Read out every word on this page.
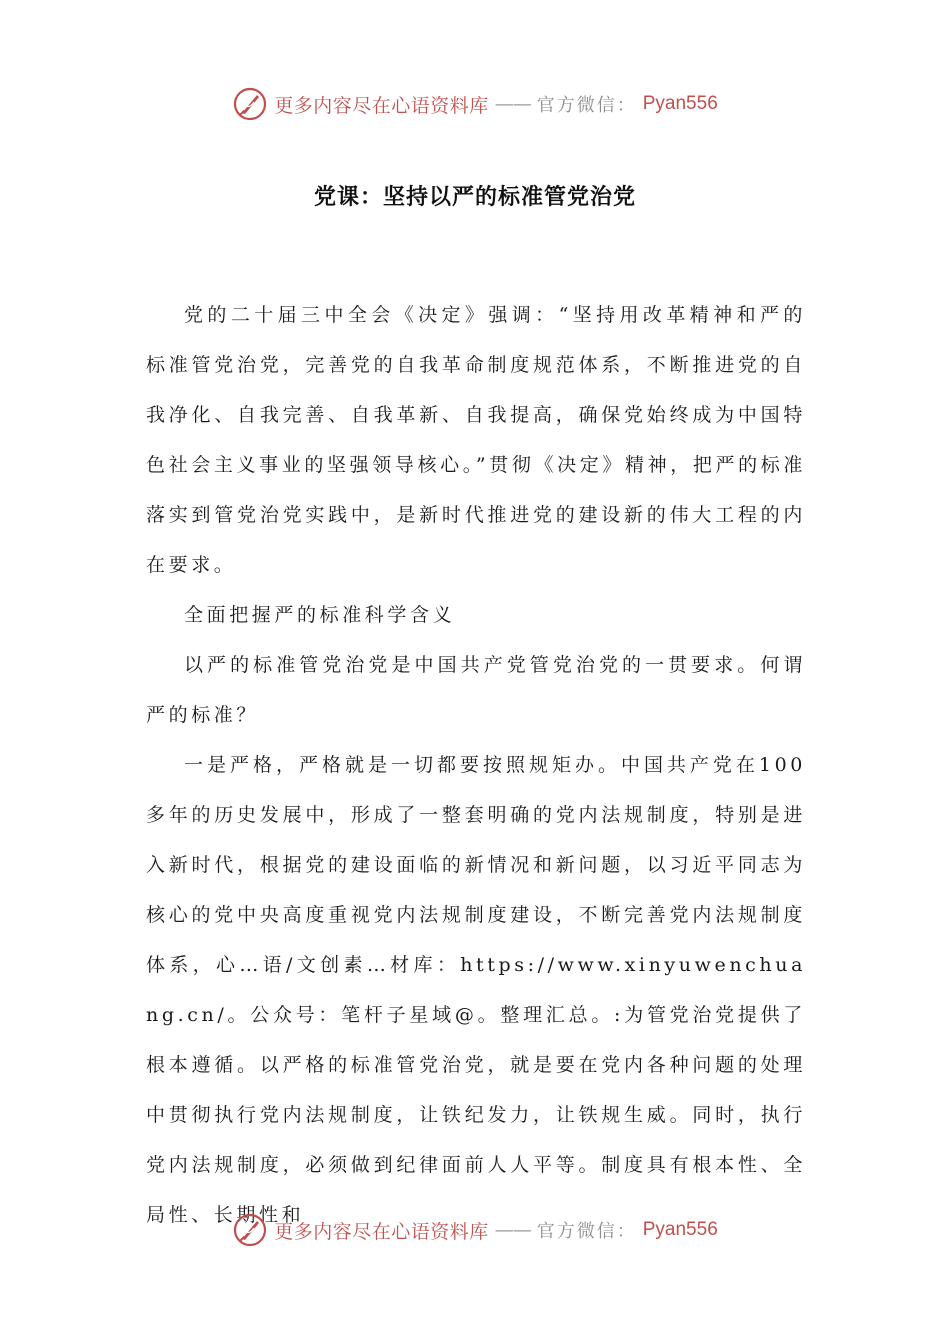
更多内容尽在心语资料库 —— 官方微信： Pyan556
党课：坚持以严的标准管党治党

党的二十届三中全会《决定》强调：“坚持用改革精神和严的标准管党治党，完善党的自我革命制度规范体系，不断推进党的自我净化、自我完善、自我革新、自我提高，确保党始终成为中国特色社会主义事业的坚强领导核心。”贯彻《决定》精神，把严的标准落实到管党治党实践中，是新时代推进党的建设新的伟大工程的内在要求。

全面把握严的标准科学含义

以严的标准管党治党是中国共产党管党治党的一贯要求。何谓严的标准？

一是严格，严格就是一切都要按照规矩办。中国共产党在100多年的历史发展中，形成了一整套明确的党内法规制度，特别是进入新时代，根据党的建设面临的新情况和新问题，以习近平同志为核心的党中央高度重视党内法规制度建设，不断完善党内法规制度体系，心…语/文创素…材库：https://www.xinyuwenchuang.cn/。公众号：笔杆子星域@。整理汇总。:为管党治党提供了根本遵循。以严格的标准管党治党，就是要在党内各种问题的处理中贯彻执行党内法规制度，让铁纪发力，让铁规生威。同时，执行党内法规制度，必须做到纪律面前人人平等。制度具有根本性、全局性、长期性和

更多内容尽在心语资料库 —— 官方微信： Pyan556
